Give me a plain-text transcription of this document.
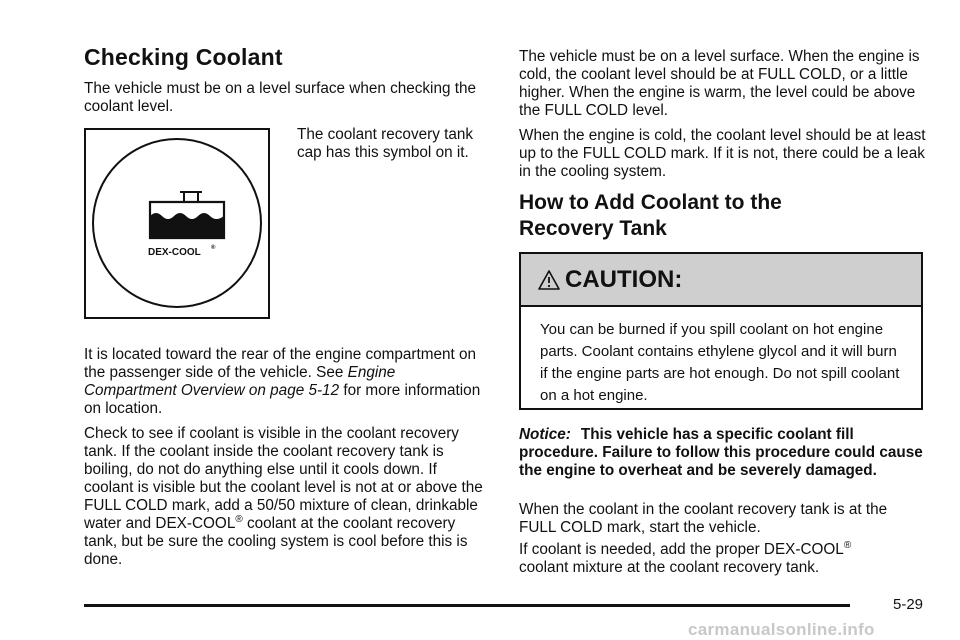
Checking Coolant

The vehicle must be on a level surface when checking the coolant level.

DEX-COOL ®

The coolant recovery tank cap has this symbol on it.

It is located toward the rear of the engine compartment on the passenger side of the vehicle. See Engine Compartment Overview on page 5-12 for more information on location.

Check to see if coolant is visible in the coolant recovery tank. If the coolant inside the coolant recovery tank is boiling, do not do anything else until it cools down. If coolant is visible but the coolant level is not at or above the FULL COLD mark, add a 50/50 mixture of clean, drinkable water and DEX-COOL® coolant at the coolant recovery tank, but be sure the cooling system is cool before this is done.

The vehicle must be on a level surface. When the engine is cold, the coolant level should be at FULL COLD, or a little higher. When the engine is warm, the level could be above the FULL COLD level.

When the engine is cold, the coolant level should be at least up to the FULL COLD mark. If it is not, there could be a leak in the cooling system.

How to Add Coolant to the
Recovery Tank
CAUTION:
You can be burned if you spill coolant on hot engine parts. Coolant contains ethylene glycol and it will burn if the engine parts are hot enough. Do not spill coolant on a hot engine.

Notice: This vehicle has a specific coolant fill procedure. Failure to follow this procedure could cause the engine to overheat and be severely damaged.

When the coolant in the coolant recovery tank is at the FULL COLD mark, start the vehicle.

If coolant is needed, add the proper DEX-COOL®
coolant mixture at the coolant recovery tank.

5-29
carmanualsonline.info
